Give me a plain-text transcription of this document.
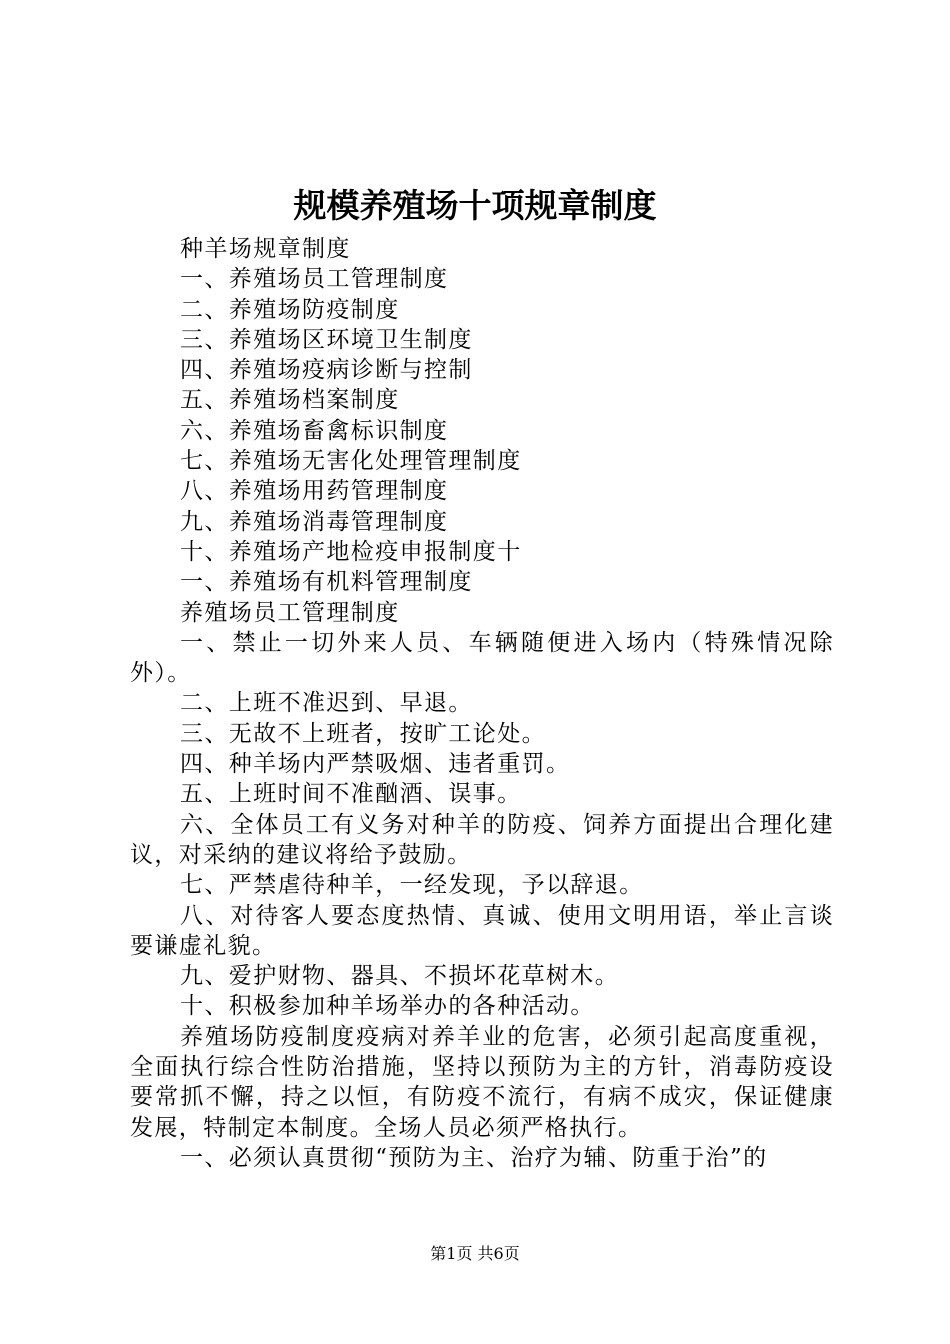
规模养殖场十项规章制度

种羊场规章制度

一、养殖场员工管理制度

二、养殖场防疫制度

三、养殖场区环境卫生制度

四、养殖场疫病诊断与控制

五、养殖场档案制度

六、养殖场畜禽标识制度

七、养殖场无害化处理管理制度

八、养殖场用药管理制度

九、养殖场消毒管理制度

十、养殖场产地检疫申报制度十

一、养殖场有机料管理制度

养殖场员工管理制度

一、禁止一切外来人员、车辆随便进入场内（特殊情况除外）。

二、上班不准迟到、早退。

三、无故不上班者，按旷工论处。

四、种羊场内严禁吸烟、违者重罚。

五、上班时间不准酗酒、误事。

六、全体员工有义务对种羊的防疫、饲养方面提出合理化建议，对采纳的建议将给予鼓励。

七、严禁虐待种羊，一经发现，予以辞退。

八、对待客人要态度热情、真诚、使用文明用语，举止言谈要谦虚礼貌。

九、爱护财物、器具、不损坏花草树木。

十、积极参加种羊场举办的各种活动。

养殖场防疫制度疫病对养羊业的危害，必须引起高度重视，全面执行综合性防治措施，坚持以预防为主的方针，消毒防疫设要常抓不懈，持之以恒，有防疫不流行，有病不成灾，保证健康发展，特制定本制度。全场人员必须严格执行。

一、必须认真贯彻“预防为主、治疗为辅、防重于治”的

第1页 共6页
